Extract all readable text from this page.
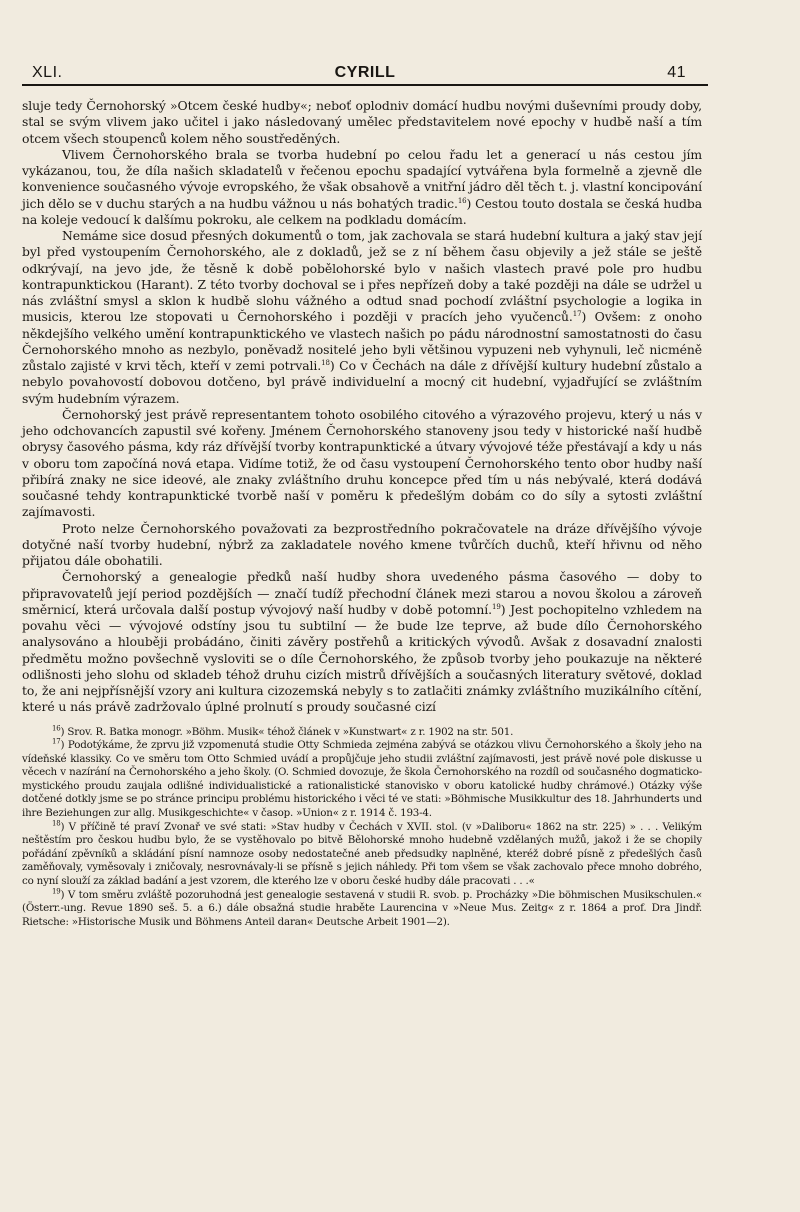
XLI.	CYRILL	41

sluje tedy Černohorský »Otcem české hudby«; neboť oplodniv domácí hudbu novými duševními proudy doby, stal se svým vlivem jako učitel i jako následovaný umělec představitelem nové epochy v hudbě naší a tím otcem všech stoupenců kolem něho soustředěných.

Vlivem Černohorského brala se tvorba hudební po celou řadu let a generací u nás cestou jím vykázanou, tou, že díla našich skladatelů v řečenou epochu spadající vytvářena byla formelně a zjevně dle konvenience současného vývoje evropského, že však obsahově a vnitřní jádro děl těch t. j. vlastní koncipování jich dělo se v duchu starých a na hudbu vážnou u nás bohatých tradic.$^{16}$) Cestou touto dostala se česká hudba na koleje vedoucí k dalšímu pokroku, ale celkem na podkladu domácím.

Nemáme sice dosud přesných dokumentů o tom, jak zachovala se stará hudební kultura a jaký stav její byl před vystoupením Černohorského, ale z dokladů, jež se z ní během času objevily a jež stále se ještě odkrývají, na jevo jde, že těsně k době pobělohorské bylo v našich vlastech pravé pole pro hudbu kontrapunktickou (Harant). Z této tvorby dochoval se i přes nepřízeň doby a také později na dále se udržel u nás zvláštní smysl a sklon k hudbě slohu vážného a odtud snad pochodí zvláštní psychologie a logika in musicis, kterou lze stopovati u Černohorského i později v pracích jeho vyučenců.$^{17}$) Ovšem: z onoho někdejšího velkého umění kontrapunktického ve vlastech našich po pádu národnostní samostatnosti do času Černohorského mnoho as nezbylo, poněvadž nositelé jeho byli většinou vypuzeni neb vyhynuli, leč nicméně zůstalo zajisté v krvi těch, kteří v zemi potrvali.$^{18}$) Co v Čechách na dále z dřívější kultury hudební zůstalo a nebylo povahovostí dobovou dotčeno, byl právě individuelní a mocný cit hudební, vyjadřující se zvláštním svým hudebním výrazem.

Černohorský jest právě representantem tohoto osobilého citového a výrazového projevu, který u nás v jeho odchovancích zapustil své kořeny. Jménem Černohorského stanoveny jsou tedy v historické naší hudbě obrysy časového pásma, kdy ráz dřívější tvorby kontrapunktické a útvary vývojové téže přestávají a kdy u nás v oboru tom započíná nová etapa. Vidíme totiž, že od času vystoupení Černohorského tento obor hudby naší přibírá znaky ne sice ideové, ale znaky zvláštního druhu koncepce před tím u nás nebývalé, která dodává současné tehdy kontrapunktické tvorbě naší v poměru k předešlým dobám co do síly a sytosti zvláštní zajímavosti.

Proto nelze Černohorského považovati za bezprostředního pokračovatele na dráze dřívějšího vývoje dotyčné naší tvorby hudební, nýbrž za zakladatele nového kmene tvůrčích duchů, kteří hřivnu od něho přijatou dále obohatili.

Černohorský a genealogie předků naší hudby shora uvedeného pásma časového — doby to připravovatelů její period pozdějších — značí tudíž přechodní článek mezi starou a novou školou a zároveň směrnicí, která určovala další postup vývojový naší hudby v době potomní.$^{19}$) Jest pochopitelno vzhledem na povahu věci — vývojové odstíny jsou tu subtilní — že bude lze teprve, až bude dílo Černohorského analysováno a hlouběji probádáno, činiti závěry postřehů a kritických vývodů. Avšak z dosavadní znalosti předmětu možno povšechně vysloviti se o díle Černohorského, že způsob tvorby jeho poukazuje na některé odlišnosti jeho slohu od skladeb téhož druhu cizích mistrů dřívějších a současných literatury světové, doklad to, že ani nejpřísnější vzory ani kultura cizozemská nebyly s to zatlačiti známky zvláštního muzikálního cítění, které u nás právě zadržovalo úplné prolnutí s proudy současné cizí

$^{16}$) Srov. R. Batka monogr. »Böhm. Musik« téhož článek v »Kunstwart« z r. 1902 na str. 501.

$^{17}$) Podotýkáme, že zprvu již vzpomenutá studie Otty Schmieda zejména zabývá se otázkou vlivu Černohorského a školy jeho na vídeňské klassiky. Co ve směru tom Otto Schmied uvádí a propůjčuje jeho studii zvláštní zajímavosti, jest právě nové pole diskusse u věcech v nazírání na Černohorského a jeho školy. (O. Schmied dovozuje, že škola Černohorského na rozdíl od současného dogmaticko-mystického proudu zaujala odlišné individualistické a rationalistické stanovisko v oboru katolické hudby chrámové.) Otázky výše dotčené dotkly jsme se po stránce principu problému historického i věci té ve stati: »Böhmische Musikkultur des 18. Jahrhunderts und ihre Beziehungen zur allg. Musikgeschichte« v časop. »Union« z r. 1914 č. 193-4.

$^{18}$) V příčině té praví Zvonař ve své stati: »Stav hudby v Čechách v XVII. stol. (v »Daliboru« 1862 na str. 225) » . . . Velikým neštěstím pro českou hudbu bylo, že se vystěhovalo po bitvě Bělohorské mnoho hudebně vzdělaných mužů, jakož i že se chopily pořádání zpěvníků a skládání písní namnoze osoby nedostatečné aneb předsudky naplněné, kteréž dobré písně z předešlých časů zaměňovaly, vyměsovaly i zničovaly, nesrovnávaly-li se přísně s jejich náhledy. Při tom všem se však zachovalo přece mnoho dobrého, co nyní slouží za základ badání a jest vzorem, dle kterého lze v oboru české hudby dále pracovati . . .«

$^{19}$) V tom směru zvláště pozoruhodná jest genealogie sestavená v studii R. svob. p. Procházky »Die böhmischen Musikschulen.« (Österr.-ung. Revue 1890 seš. 5. a 6.) dále obsažná studie hraběte Laurencina v »Neue Mus. Zeitg« z r. 1864 a prof. Dra Jindř. Rietsche: »Historische Musik und Böhmens Anteil daran« Deutsche Arbeit 1901—2).
